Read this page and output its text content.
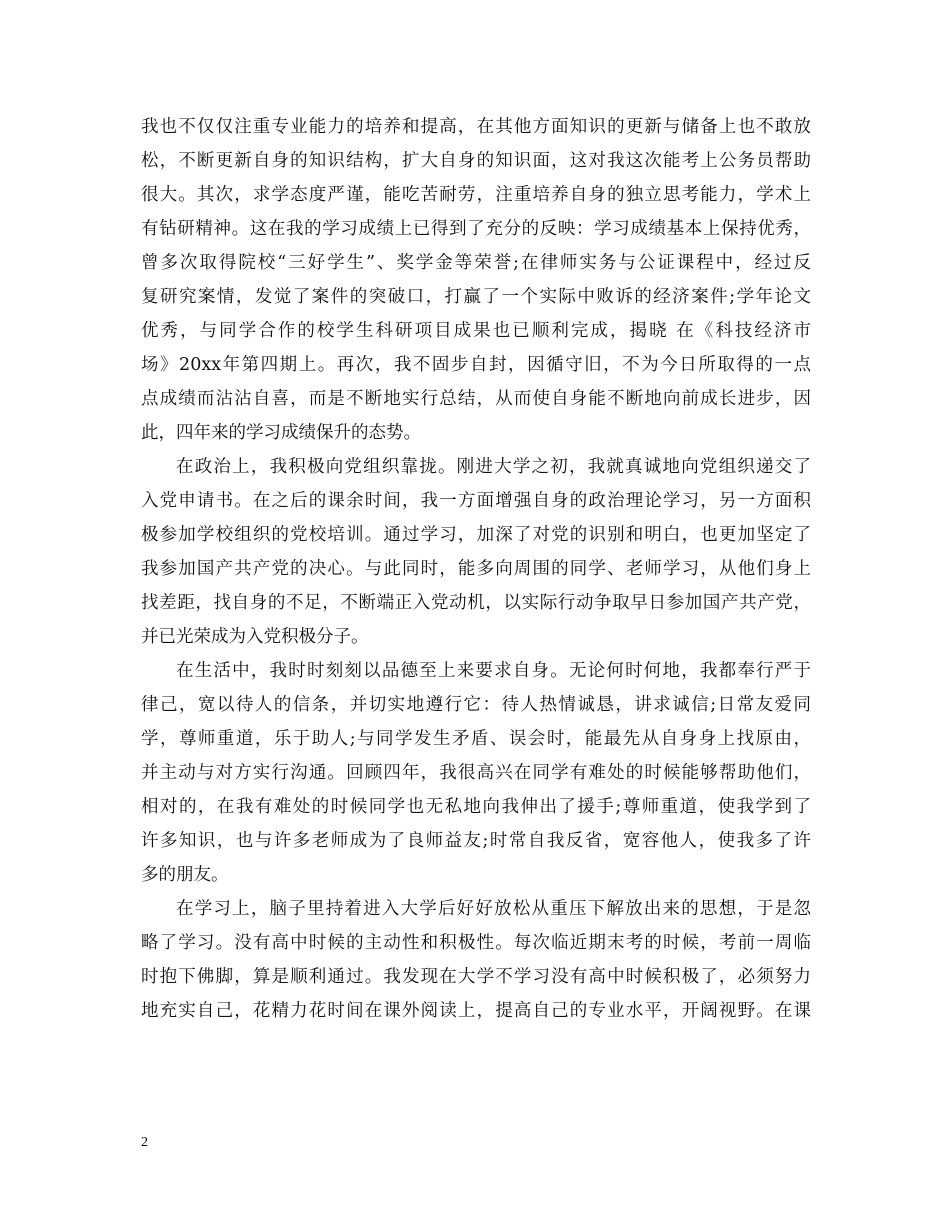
我也不仅仅注重专业能力的培养和提高，在其他方面知识的更新与储备上也不敢放
松，不断更新自身的知识结构，扩大自身的知识面，这对我这次能考上公务员帮助
很大。其次，求学态度严谨，能吃苦耐劳，注重培养自身的独立思考能力，学术上
有钻研精神。这在我的学习成绩上已得到了充分的反映：学习成绩基本上保持优秀，
曾多次取得院校“三好学生”、奖学金等荣誉;在律师实务与公证课程中，经过反
复研究案情，发觉了案件的突破口，打赢了一个实际中败诉的经济案件;学年论文
优秀，与同学合作的校学生科研项目成果也已顺利完成，揭晓 在《科技经济市
场》20xx年第四期上。再次，我不固步自封，因循守旧，不为今日所取得的一点
点成绩而沾沾自喜，而是不断地实行总结，从而使自身能不断地向前成长进步，因
此，四年来的学习成绩保升的态势。
在政治上，我积极向党组织靠拢。刚进大学之初，我就真诚地向党组织递交了
入党申请书。在之后的课余时间，我一方面增强自身的政治理论学习，另一方面积
极参加学校组织的党校培训。通过学习，加深了对党的识别和明白，也更加坚定了
我参加国产共产党的决心。与此同时，能多向周围的同学、老师学习，从他们身上
找差距，找自身的不足，不断端正入党动机，以实际行动争取早日参加国产共产党，
并已光荣成为入党积极分子。
在生活中，我时时刻刻以品德至上来要求自身。无论何时何地，我都奉行严于
律己，宽以待人的信条，并切实地遵行它：待人热情诚恳，讲求诚信;日常友爱同
学，尊师重道，乐于助人;与同学发生矛盾、误会时，能最先从自身身上找原由，
并主动与对方实行沟通。回顾四年，我很高兴在同学有难处的时候能够帮助他们，
相对的，在我有难处的时候同学也无私地向我伸出了援手;尊师重道，使我学到了
许多知识，也与许多老师成为了良师益友;时常自我反省，宽容他人，使我多了许
多的朋友。
在学习上，脑子里持着进入大学后好好放松从重压下解放出来的思想，于是忽
略了学习。没有高中时候的主动性和积极性。每次临近期末考的时候，考前一周临
时抱下佛脚，算是顺利通过。我发现在大学不学习没有高中时候积极了，必须努力
地充实自己，花精力花时间在课外阅读上，提高自己的专业水平，开阔视野。在课
2
